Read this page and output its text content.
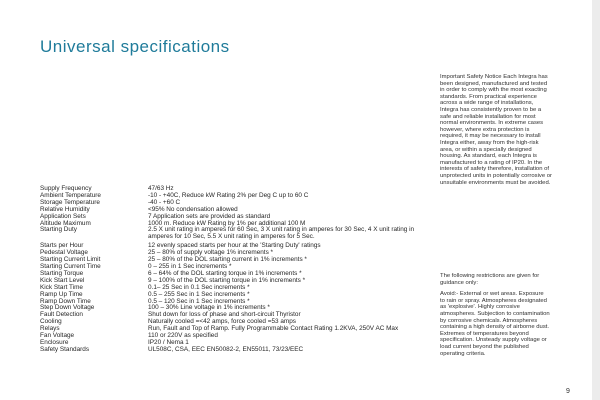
Universal specifications
Important Safety Notice Each Integra has been designed, manufactured and tested in order to comply with the most exacting standards. From practical experience across a wide range of installations, Integra has consistently proven to be a safe and reliable installation for most normal environments. In extreme cases however, where extra protection is required, it may be necessary to install Integra either, away from the high-risk area, or within a specially designed housing. As standard, each Integra is manufactured to a rating of IP20. In the interests of safety therefore, installation of unprotected units in potentially corrosive or unsuitable environments must be avoided.
Supply Frequency	47/63 Hz
Ambient Temperature	-10 - +40C, Reduce kW Rating 2% per Deg C up to 60 C
Storage Temperature	-40 - +60 C
Relative Humidity	<95% No condensation allowed
Application Sets	7 Application sets are provided as standard
Altitude Maximum	1000 m. Reduce kW Rating by 1% per additional 100 M
Starting Duty	2.5 X unit rating in amperes for 60 Sec, 3 X unit rating in amperes for 30 Sec, 4 X unit rating in amperes for 10 Sec, 5.5 X unit rating in amperes for 5 Sec.
Starts per Hour	12 evenly spaced starts per hour at the 'Starting Duty' ratings
Pedestal Voltage	25 – 80% of supply voltage 1% increments *
Starting Current Limit	25 – 80% of the DOL starting current in 1% increments *
Starting Current Time	0 – 255 in 1 Sec increments *
Starting Torque	6 – 64% of the DOL starting torque in 1% increments *
Kick Start Level	9 – 100% of the DOL starting torque in 1% increments *
Kick Start Time	0.1– 25 Sec in 0.1 Sec increments *
Ramp Up Time	0.5 – 255 Sec in 1 Sec increments *
Ramp Down Time	0.5 – 120 Sec in 1 Sec increments *
Step Down Voltage	100 – 30% Line voltage in 1% increments *
Fault Detection	Shut down for loss of phase and short-circuit Thyristor
Cooling	Naturally cooled =<42 amps, force cooled =53 amps
Relays	Run, Fault and Top of Ramp. Fully Programmable Contact Rating 1.2KVA, 250V AC Max
Fan Voltage	110 or 220V as specified
Enclosure	IP20 / Nema 1
Safety Standards	UL508C, CSA, EEC EN50082-2, EN55011, 73/23/EEC

The following restrictions are given for guidance only:

Avoid:- External or wet areas. Exposure to rain or spray. Atmospheres designated as 'explosive'. Highly corrosive atmospheres. Subjection to contamination by corrosive chemicals. Atmospheres containing a high density of airborne dust. Extremes of temperatures beyond specification. Unsteady supply voltage or load current beyond the published operating criteria.

9
